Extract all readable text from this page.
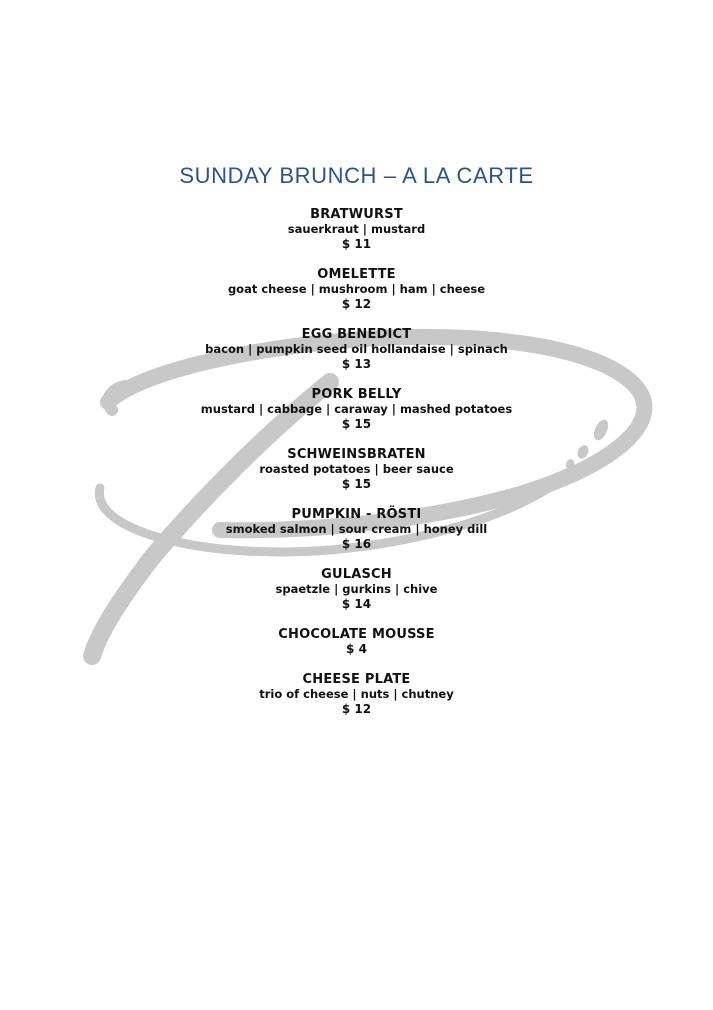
SUNDAY BRUNCH – A LA CARTE
BRATWURST
sauerkraut | mustard
$ 11
OMELETTE
goat cheese | mushroom | ham | cheese
$ 12
EGG BENEDICT
bacon | pumpkin seed oil hollandaise | spinach
$ 13
PORK BELLY
mustard | cabbage | caraway | mashed potatoes
$ 15
SCHWEINSBRATEN
roasted potatoes | beer sauce
$ 15
PUMPKIN - RÖSTI
smoked salmon | sour cream | honey dill
$ 16
GULASCH
spaetzle | gurkins | chive
$ 14
CHOCOLATE MOUSSE
$ 4
CHEESE PLATE
trio of cheese | nuts | chutney
$ 12
